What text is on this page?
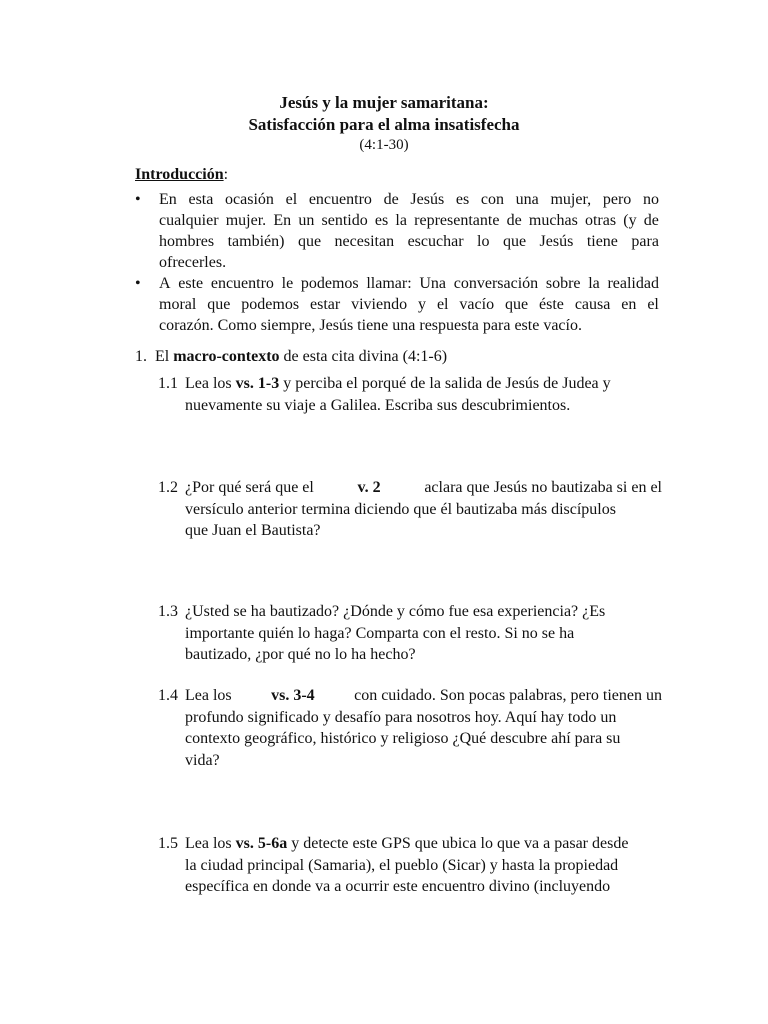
Jesús y la mujer samaritana:
Satisfacción para el alma insatisfecha
(4:1-30)
Introducción:
• En esta ocasión el encuentro de Jesús es con una mujer, pero no
cualquier mujer. En un sentido es la representante de muchas otras (y de
hombres también) que necesitan escuchar lo que Jesús tiene para
ofrecerles.
• A este encuentro le podemos llamar: Una conversación sobre la realidad
moral que podemos estar viviendo y el vacío que éste causa en el
corazón. Como siempre, Jesús tiene una respuesta para este vacío.
1. El macro-contexto de esta cita divina (4:1-6)
1.1 Lea los vs. 1-3 y perciba el porqué de la salida de Jesús de Judea y
nuevamente su viaje a Galilea. Escriba sus descubrimientos.
1.2 ¿Por qué será que el	v. 2	aclara que Jesús no bautizaba si en el
versículo anterior termina diciendo que él bautizaba más discípulos
que Juan el Bautista?
1.3 ¿Usted se ha bautizado? ¿Dónde y cómo fue esa experiencia? ¿Es
importante quién lo haga? Comparta con el resto. Si no se ha
bautizado, ¿por qué no lo ha hecho?
1.4 Lea los vs. 3-4 con cuidado. Son pocas palabras, pero tienen un
profundo significado y desafío para nosotros hoy. Aquí hay todo un
contexto geográfico, histórico y religioso ¿Qué descubre ahí para su
vida?
1.5 Lea los vs. 5-6a y detecte este GPS que ubica lo que va a pasar desde
la ciudad principal (Samaria), el pueblo (Sicar) y hasta la propiedad
específica en donde va a ocurrir este encuentro divino (incluyendo
